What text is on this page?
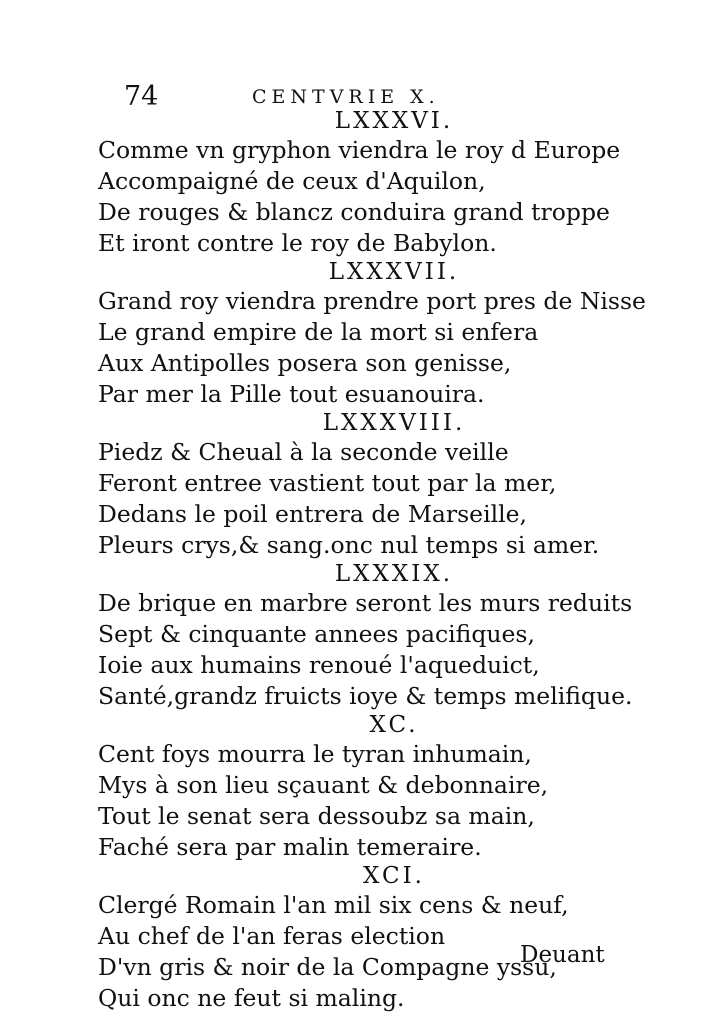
74	CENTVRIE X.
LXXXVI.
Comme vn gryphon viendra le roy d Europe
Accompaigné de ceux d'Aquilon,
De rouges & blancz conduira grand troppe
Et iront contre le roy de Babylon.
LXXXVII.
Grand roy viendra prendre port pres de Nisse
Le grand empire de la mort si enfera
Aux Antipolles posera son genisse,
Par mer la Pille tout esuanouira.
LXXXVIII.
Piedz & Cheual à la seconde veille
Feront entree vastient tout par la mer,
Dedans le poil entrera de Marseille,
Pleurs crys,& sang.onc nul temps si amer.
LXXXIX.
De brique en marbre seront les murs reduits
Sept & cinquante annees pacifiques,
Ioie aux humains renoué l'aqueduict,
Santé,grandz fruicts ioye & temps melifique.
XC.
Cent foys mourra le tyran inhumain,
Mys à son lieu sçauant & debonnaire,
Tout le senat sera dessoubz sa main,
Faché sera par malin temeraire.
XCI.
Clergé Romain l'an mil six cens & neuf,
Au chef de l'an feras election
D'vn gris & noir de la Compagne yssu,
Qui onc ne feut si maling.
Deuant
